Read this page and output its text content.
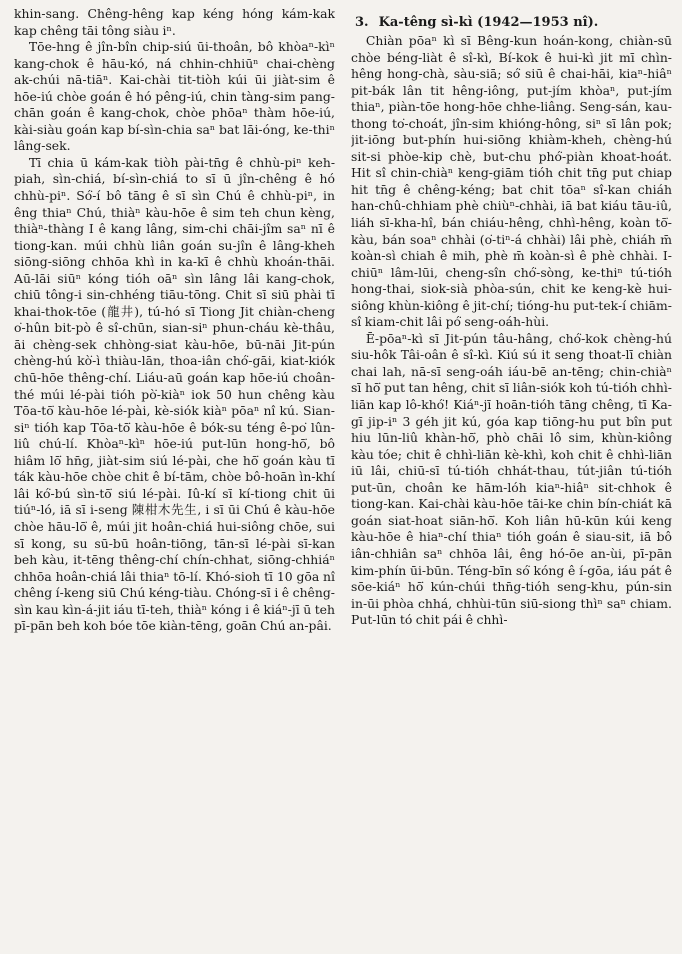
khin-sang. Chêng-hêng kap kéng hóng kám-kak kap chêng tāi tông siàu iⁿ.

Tōe-hng ê jîn-bîn chip-siú ūi-thoân, bô khòaⁿ-kìⁿ kang-chok ê hāu-kó, ná chhin-chhiūⁿ chai-chèng ak-chúi nā-tiāⁿ. Kai-chài tit-tiòh kúi ūi jiàt-sim ê hōe-iú chòe goán ê hó pêng-iú, chin tàng-sim pang-chān goán ê kang-chok, chòe phōaⁿ thàm hōe-iú, kài-siàu goán kap bí-sìn-chia saⁿ bat lāi-óng, ke-thiⁿ lâng-sek.

Tī chia ū kám-kak tiòh pài-tn̄g ê chhù-piⁿ keh-piah, sìn-chiá, bí-sìn-chiá to sī ū jîn-chêng ê hó chhù-piⁿ. Só͘-í bô tāng ê sī sìn Chú ê chhù-piⁿ, in êng thiaⁿ Chú, thiàⁿ kàu-hōe ê sim teh chun kèng, thiàⁿ-thàng I ê kang lâng, sim-chi chāi-jîm saⁿ nī ê tiong-kan. múi chhù liân goán su-jîn ê lâng-kheh siōng-siōng chhōa khì in ka-kī ê chhù khoán-thāi. Aū-lāi siūⁿ kóng tióh oāⁿ sìn lâng lâi kang-chok, chiū tông-i sin-chhéng tiāu-tōng. Chit sī siū phài tī khai-thok-tōe (龍井), tú-hó sī Tiong Jit chiàn-cheng o͘-hûn bit-pò ê sî-chūn, sian-siⁿ phun-cháu kè-thâu, āi chèng-sek chhòng-siat kàu-hōe, bū-nāi Jit-pún chèng-hú kò͘-ì thiàu-lān, thoa-iân chó͘-gāi, kiat-kiók chū-hōe thêng-chí. Liáu-aū goán kap hōe-iú choân-thé múi lé-pài tióh pò͘-kiàⁿ iok 50 hun chêng kàu Tōa-tō͘ kàu-hōe lé-pài, kè-siók kiàⁿ pōaⁿ nî kú. Sian-siⁿ tióh kap Tōa-tō͘ kàu-hōe ê bók-su téng ê-po͘ lûn-liû chú-lí. Khòaⁿ-kìⁿ hōe-iú put-lūn hong-hō͘, bô hiâm lō͘ hn̄g, jiàt-sim siú lé-pài, che hō͘ goán kàu tī ták kàu-hōe chòe chit ê bí-tām, chòe bô-hoān ìn-khí lâi kó͘-bú sìn-tō͘ siú lé-pài. Iû-kí sī kí-tiong chit ūi tiúⁿ-ló, iā sī i-seng 陳柑木先生, i sī ūi Chú ê kàu-hōe chòe hāu-lō͘ ê, múi jit hoân-chiá hui-siông chōe, sui sī kong, su sū-bū hoân-tiōng, tān-sī lé-pài sī-kan beh kàu, it-tēng thêng-chí chín-chhat, siōng-chhiáⁿ chhōa hoân-chiá lâi thiaⁿ tō-lí. Khó-sioh tī 10 gōa nî chêng í-keng siū Chú kéng-tiàu. Chóng-sī i ê chêng-sìn kau kìn-á-jit iáu tī-teh, thiàⁿ kóng i ê kiáⁿ-jī ū teh pī-pān beh koh bóe tōe kiàn-tēng, goān Chú an-pâi.

3. Ka-têng sì-kì (1942—1953 nî).

Chiàn pōaⁿ kì sī Bêng-kun hoán-kong, chiàn-sū chòe béng-liàt ê sî-kì, Bí-kok ê hui-kì jit mī chìn-hêng hong-chà, sàu-siā; só͘ siū ê chai-hāi, kiaⁿ-hiâⁿ pit-bák lân tit hêng-iông, put-jím khòaⁿ, put-jím thiaⁿ, piàn-tōe hong-hōe chhe-liâng. Seng-sán, kau-thong to͘-choát, jîn-sim khióng-hông, siⁿ sī lân pok; jit-iōng but-phín hui-siōng khiàm-kheh, chèng-hú sit-si phòe-kip chè, but-chu phó͘-piàn khoat-hoát. Hit sî chin-chiàⁿ keng-giām tióh chit tn̄g put chiap hit tn̄g ê chêng-kéng; bat chit tōaⁿ sî-kan chiáh han-chû-chhiam phè chiùⁿ-chhài, iā bat kiáu tāu-iû, liáh sī-kha-hî, bán chiáu-hêng, chhì-hêng, koàn tō͘-kàu, bán soaⁿ chhài (o͘-tiⁿ-á chhài) lâi phè, chiáh m̄ koàn-sì chiah ê mih, phè m̄ koàn-sì ê phè chhài. I-chiūⁿ lâm-lūi, cheng-sîn chó͘-sòng, ke-thiⁿ tú-tióh hong-thai, siok-sià phòa-sún, chit ke keng-kè hui-siông khùn-kiông ê jit-chí; tióng-hu put-tek-í chiām-sî kiam-chit lâi pó͘ seng-oáh-hùi.

Ē-pōaⁿ-kì sī Jit-pún tâu-hâng, chó͘-kok chèng-hú siu-hôk Tâi-oân ê sî-kì. Kiú sú it seng thoat-lī chiàn chai lah, nā-sī seng-oáh iáu-bē an-tēng; chin-chiàⁿ sī hō͘ put tan hêng, chit sī liân-siók koh tú-tióh chhì-liān kap lô-khó͘! Kiáⁿ-jī hoān-tióh tāng chêng, tī Ka-gī jip-iⁿ 3 géh jit kú, góa kap tiōng-hu put bîn put hiu lūn-liû khàn-hō͘, phò chāi lô sim, khùn-kiông kàu tóe; chit ê chhì-liān kè-khì, koh chit ê chhì-liān iū lâi, chiū-sī tú-tióh chhát-thau, tút-jiân tú-tióh put-ūn, choân ke hām-lóh kiaⁿ-hiâⁿ sit-chhok ê tiong-kan. Kai-chài kàu-hōe tāi-ke chin bín-chiát kā goán siat-hoat siān-hō͘. Koh liân hū-kūn kúi keng kàu-hōe ê hiaⁿ-chí thiaⁿ tióh goán ê siau-sit, iā bô iân-chhiân saⁿ chhōa lâi, êng hó-ōe an-ùi, pī-pān kim-phín ūi-būn. Téng-bīn só͘ kóng ê í-gōa, iáu pát ê sōe-kiáⁿ hō͘ kún-chúi thn̄g-tióh seng-khu, pún-sin in-ūi phòa chhá, chhùi-tūn siū-siong thìⁿ saⁿ chiam. Put-lūn tó chit pái ê chhì-
